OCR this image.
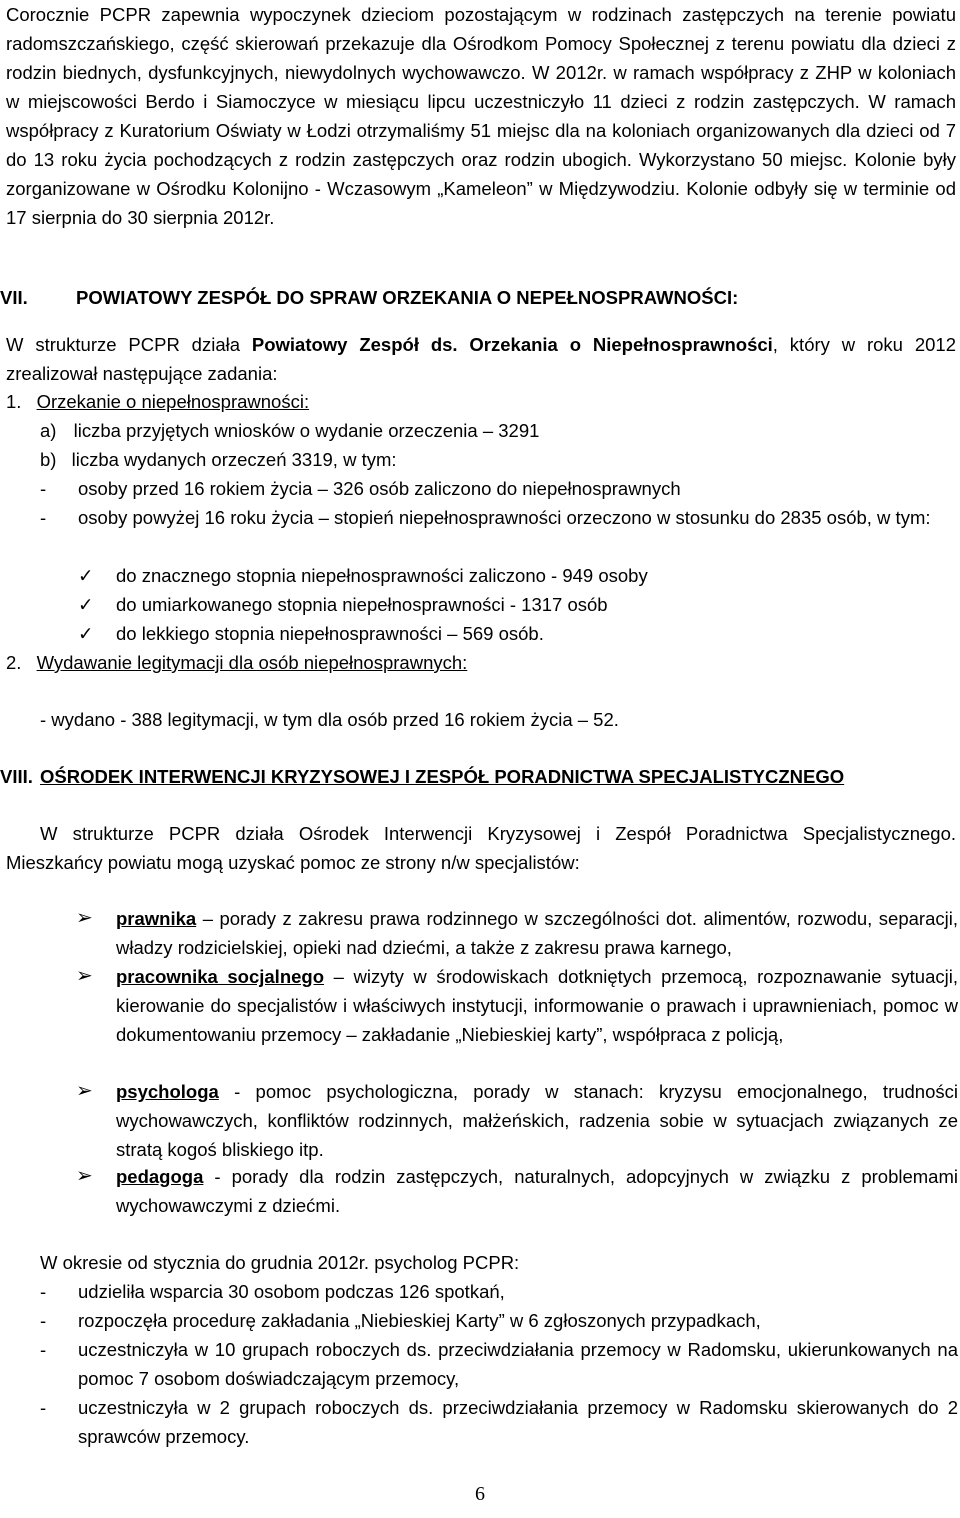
Corocznie PCPR zapewnia wypoczynek dzieciom pozostającym w rodzinach zastępczych na terenie powiatu radomszczańskiego, część skierowań przekazuje dla Ośrodkom Pomocy Społecznej z terenu powiatu dla dzieci z rodzin biednych, dysfunkcyjnych, niewydolnych wychowawczo. W 2012r. w ramach współpracy z ZHP w koloniach w miejscowości Berdo i Siamoczyce w miesiącu lipcu uczestniczyło 11 dzieci z rodzin zastępczych. W ramach współpracy z Kuratorium Oświaty w Łodzi otrzymaliśmy 51 miejsc dla na koloniach organizowanych dla dzieci od 7 do 13 roku życia pochodzących z rodzin zastępczych oraz rodzin ubogich. Wykorzystano 50 miejsc. Kolonie były zorganizowane w Ośrodku Kolonijno - Wczasowym „Kameleon” w Międzywodziu. Kolonie odbyły się w terminie od 17 sierpnia do 30 sierpnia 2012r.

VII.	POWIATOWY ZESPÓŁ DO SPRAW ORZEKANIA O NEPEŁNOSPRAWNOŚCI:

W strukturze PCPR działa Powiatowy Zespół ds. Orzekania o Niepełnosprawności, który w roku 2012 zrealizował następujące zadania:

1. Orzekanie o niepełnosprawności:
a) liczba przyjętych wniosków o wydanie orzeczenia – 3291
b) liczba wydanych orzeczeń 3319, w tym:
- osoby przed 16 rokiem życia – 326 osób zaliczono do niepełnosprawnych
- osoby powyżej 16 roku życia – stopień niepełnosprawności orzeczono w stosunku do 2835 osób, w tym:
✓ do znacznego stopnia niepełnosprawności zaliczono - 949 osoby
✓ do umiarkowanego stopnia niepełnosprawności - 1317 osób
✓ do lekkiego stopnia niepełnosprawności – 569 osób.
2. Wydawanie legitymacji dla osób niepełnosprawnych:
- wydano - 388 legitymacji, w tym dla osób przed 16 rokiem życia – 52.
VIII. OŚRODEK INTERWENCJI KRYZYSOWEJ I ZESPÓŁ PORADNICTWA SPECJALISTYCZNEGO

W strukturze PCPR działa Ośrodek Interwencji Kryzysowej i Zespół Poradnictwa Specjalistycznego. Mieszkańcy powiatu mogą uzyskać pomoc ze strony n/w specjalistów:

➢ prawnika – porady z zakresu prawa rodzinnego w szczególności dot. alimentów, rozwodu, separacji, władzy rodzicielskiej, opieki nad dziećmi, a także z zakresu prawa karnego,

➢ pracownika socjalnego – wizyty w środowiskach dotkniętych przemocą, rozpoznawanie sytuacji, kierowanie do specjalistów i właściwych instytucji, informowanie o prawach i uprawnieniach, pomoc w dokumentowaniu przemocy – zakładanie „Niebieskiej karty”, współpraca z policją,

➢ psychologa - pomoc psychologiczna, porady w stanach: kryzysu emocjonalnego, trudności wychowawczych, konfliktów rodzinnych, małżeńskich, radzenia sobie w sytuacjach związanych ze stratą kogoś bliskiego itp.

➢ pedagoga - porady dla rodzin zastępczych, naturalnych, adopcyjnych w związku z problemami wychowawczymi z dziećmi.

W okresie od stycznia do grudnia 2012r. psycholog PCPR:
- udzieliła wsparcia 30 osobom podczas 126 spotkań,
- rozpoczęła procedurę zakładania „Niebieskiej Karty” w 6 zgłoszonych przypadkach,
- uczestniczyła w 10 grupach roboczych ds. przeciwdziałania przemocy w Radomsku, ukierunkowanych na pomoc 7 osobom doświadczającym przemocy,
- uczestniczyła w 2 grupach roboczych ds. przeciwdziałania przemocy w Radomsku skierowanych do 2 sprawców przemocy.
6
